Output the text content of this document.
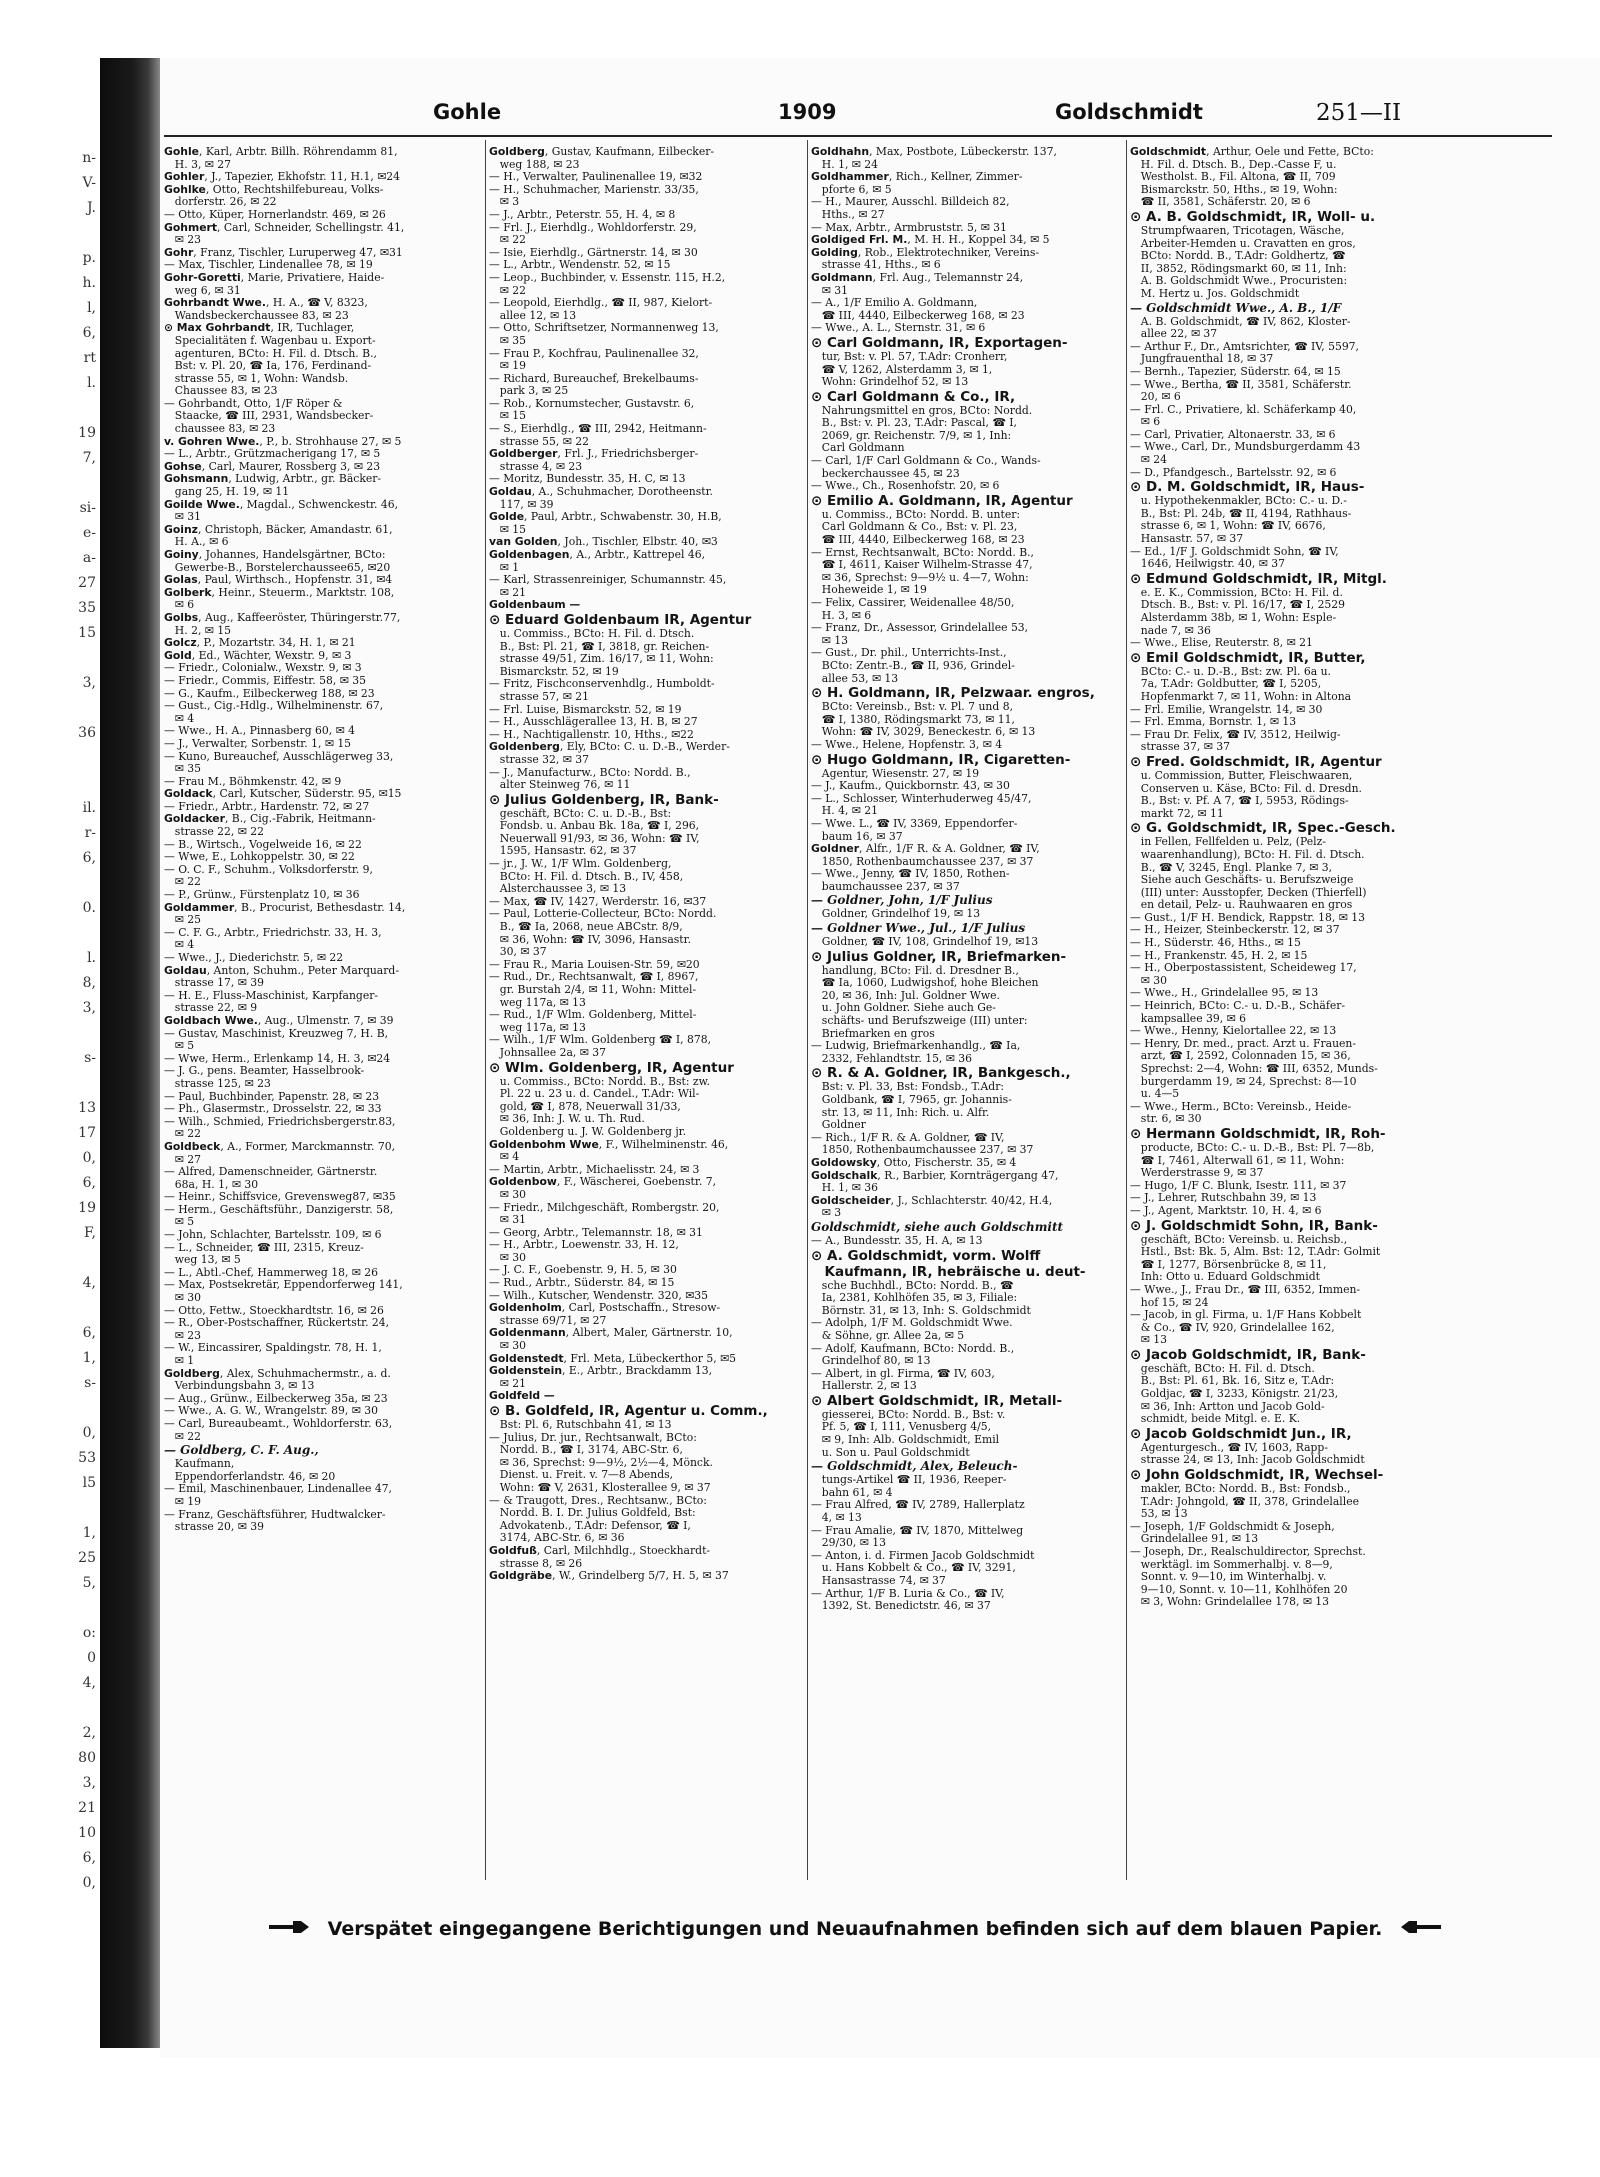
n-
V-
J.
p.
h.
l,
6,
rt
l.
19
7,
si-
e-
a-
27
35
15
3,
36
il.
r-
6,
0.
l.
8,
3,
s-
13
17
0,
6,
19
F,
4,
6,
1,
s-
0,
53
l5
1,
25
5,
o:
0
4,
2,
80
3,
21
10
6,
0,
Gohle	1909	Goldschmidt	251—II
Gohle, Karl, Arbtr. Billh. Röhrendamm 81,
 H. 3, ✉ 27
Gohler, J., Tapezier, Ekhofstr. 11, H.1, ✉24
Gohlke, Otto, Rechtshilfebureau, Volks-
 dorferstr. 26, ✉ 22
— Otto, Küper, Hornerlandstr. 469, ✉ 26
Gohmert, Carl, Schneider, Schellingstr. 41,
 ✉ 23
Gohr, Franz, Tischler, Luruperweg 47, ✉31
— Max, Tischler, Lindenallee 78, ✉ 19
Gohr-Goretti, Marie, Privatiere, Haide-
 weg 6, ✉ 31
Gohrbandt Wwe., H. A., ☎ V, 8323,
 Wandsbeckerchaussee 83, ✉ 23
⊙ Max Gohrbandt, IR, Tuchlager,
 Specialitäten f. Wagenbau u. Export-
 agenturen, BCto: H. Fil. d. Dtsch. B.,
 Bst: v. Pl. 20, ☎ Ia, 176, Ferdinand-
 strasse 55, ✉ 1, Wohn: Wandsb.
 Chaussee 83, ✉ 23
— Gohrbandt, Otto, 1/F Röper &
 Staacke, ☎ III, 2931, Wandsbecker-
 chaussee 83, ✉ 23
v. Gohren Wwe., P., b. Strohhause 27, ✉ 5
— L., Arbtr., Grützmacherigang 17, ✉ 5
Gohse, Carl, Maurer, Rossberg 3, ✉ 23
Gohsmann, Ludwig, Arbtr., gr. Bäcker-
 gang 25, H. 19, ✉ 11
Goilde Wwe., Magdal., Schwenckestr. 46,
 ✉ 31
Goinz, Christoph, Bäcker, Amandastr. 61,
 H. A., ✉ 6
Goiny, Johannes, Handelsgärtner, BCto:
 Gewerbe-B., Borstelerchaussee65, ✉20
Golas, Paul, Wirthsch., Hopfenstr. 31, ✉4
Golberk, Heinr., Steuerm., Marktstr. 108,
 ✉ 6
Golbs, Aug., Kaffeeröster, Thüringerstr.77,
 H. 2, ✉ 15
Golcz, P., Mozartstr. 34, H. 1, ✉ 21
Gold, Ed., Wächter, Wexstr. 9, ✉ 3
— Friedr., Colonialw., Wexstr. 9, ✉ 3
— Friedr., Commis, Eiffestr. 58, ✉ 35
— G., Kaufm., Eilbeckerweg 188, ✉ 23
— Gust., Cig.-Hdlg., Wilhelminenstr. 67,
 ✉ 4
— Wwe., H. A., Pinnasberg 60, ✉ 4
— J., Verwalter, Sorbenstr. 1, ✉ 15
— Kuno, Bureauchef, Ausschlägerweg 33,
 ✉ 35
— Frau M., Böhmkenstr. 42, ✉ 9
Goldack, Carl, Kutscher, Süderstr. 95, ✉15
— Friedr., Arbtr., Hardenstr. 72, ✉ 27
Goldacker, B., Cig.-Fabrik, Heitmann-
 strasse 22, ✉ 22
— B., Wirtsch., Vogelweide 16, ✉ 22
— Wwe, E., Lohkoppelstr. 30, ✉ 22
— O. C. F., Schuhm., Volksdorferstr. 9,
 ✉ 22
— P., Grünw., Fürstenplatz 10, ✉ 36
Goldammer, B., Procurist, Bethesdastr. 14,
 ✉ 25
— C. F. G., Arbtr., Friedrichstr. 33, H. 3,
 ✉ 4
— Wwe., J., Diederichstr. 5, ✉ 22
Goldau, Anton, Schuhm., Peter Marquard-
 strasse 17, ✉ 39
— H. E., Fluss-Maschinist, Karpfanger-
 strasse 22, ✉ 9
Goldbach Wwe., Aug., Ulmenstr. 7, ✉ 39
— Gustav, Maschinist, Kreuzweg 7, H. B,
 ✉ 5
— Wwe, Herm., Erlenkamp 14, H. 3, ✉24
— J. G., pens. Beamter, Hasselbrook-
 strasse 125, ✉ 23
— Paul, Buchbinder, Papenstr. 28, ✉ 23
— Ph., Glasermstr., Drosselstr. 22, ✉ 33
— Wilh., Schmied, Friedrichsbergerstr.83,
 ✉ 22
Goldbeck, A., Former, Marckmannstr. 70,
 ✉ 27
— Alfred, Damenschneider, Gärtnerstr.
 68a, H. 1, ✉ 30
— Heinr., Schiffsvice, Grevensweg87, ✉35
— Herm., Geschäftsführ., Danzigerstr. 58,
 ✉ 5
— John, Schlachter, Bartelsstr. 109, ✉ 6
— L., Schneider, ☎ III, 2315, Kreuz-
 weg 13, ✉ 5
— L., Abtl.-Chef, Hammerweg 18, ✉ 26
— Max, Postsekretär, Eppendorferweg 141,
 ✉ 30
— Otto, Fettw., Stoeckhardtstr. 16, ✉ 26
— R., Ober-Postschaffner, Rückertstr. 24,
 ✉ 23
— W., Eincassirer, Spaldingstr. 78, H. 1,
 ✉ 1
Goldberg, Alex, Schuhmachermstr., a. d.
 Verbindungsbahn 3, ✉ 13
— Aug., Grünw., Eilbeckerweg 35a, ✉ 23
— Wwe., A. G. W., Wrangelstr. 89, ✉ 30
— Carl, Bureaubeamt., Wohldorferstr. 63,
 ✉ 22
— Goldberg, C. F. Aug.,
 Kaufmann,
 Eppendorferlandstr. 46, ✉ 20
— Emil, Maschinenbauer, Lindenallee 47,
 ✉ 19
— Franz, Geschäftsführer, Hudtwalcker-
 strasse 20, ✉ 39
Goldberg, Gustav, Kaufmann, Eilbecker-
 weg 188, ✉ 23
— H., Verwalter, Paulinenallee 19, ✉32
— H., Schuhmacher, Marienstr. 33/35,
 ✉ 3
— J., Arbtr., Peterstr. 55, H. 4, ✉ 8
— Frl. J., Eierhdlg., Wohldorferstr. 29,
 ✉ 22
— Isie, Eierhdlg., Gärtnerstr. 14, ✉ 30
— L., Arbtr., Wendenstr. 52, ✉ 15
— Leop., Buchbinder, v. Essenstr. 115, H.2,
 ✉ 22
— Leopold, Eierhdlg., ☎ II, 987, Kielort-
 allee 12, ✉ 13
— Otto, Schriftsetzer, Normannenweg 13,
 ✉ 35
— Frau P., Kochfrau, Paulinenallee 32,
 ✉ 19
— Richard, Bureauchef, Brekelbaums-
 park 3, ✉ 25
— Rob., Kornumstecher, Gustavstr. 6,
 ✉ 15
— S., Eierhdlg., ☎ III, 2942, Heitmann-
 strasse 55, ✉ 22
Goldberger, Frl. J., Friedrichsberger-
 strasse 4, ✉ 23
— Moritz, Bundesstr. 35, H. C, ✉ 13
Goldau, A., Schuhmacher, Dorotheenstr.
 117, ✉ 39
Golde, Paul, Arbtr., Schwabenstr. 30, H.B,
 ✉ 15
van Golden, Joh., Tischler, Elbstr. 40, ✉3
Goldenbagen, A., Arbtr., Kattrepel 46,
 ✉ 1
— Karl, Strassenreiniger, Schumannstr. 45,
 ✉ 21
Goldenbaum —
⊙ Eduard Goldenbaum IR, Agentur
 u. Commiss., BCto: H. Fil. d. Dtsch.
 B., Bst: Pl. 21, ☎ I, 3818, gr. Reichen-
 strasse 49/51, Zim. 16/17, ✉ 11, Wohn:
 Bismarckstr. 52, ✉ 19
— Fritz, Fischconservenhdlg., Humboldt-
 strasse 57, ✉ 21
— Frl. Luise, Bismarckstr. 52, ✉ 19
— H., Ausschlägerallee 13, H. B, ✉ 27
— H., Nachtigallenstr. 10, Hths., ✉22
Goldenberg, Ely, BCto: C. u. D.-B., Werder-
 strasse 32, ✉ 37
— J., Manufacturw., BCto: Nordd. B.,
 alter Steinweg 76, ✉ 11
⊙ Julius Goldenberg, IR, Bank-
 geschäft, BCto: C. u. D.-B., Bst:
 Fondsb. u. Anbau Bk. 18a, ☎ I, 296,
 Neuerwall 91/93, ✉ 36, Wohn: ☎ IV,
 1595, Hansastr. 62, ✉ 37
— jr., J. W., 1/F Wlm. Goldenberg,
 BCto: H. Fil. d. Dtsch. B., IV, 458,
 Alsterchaussee 3, ✉ 13
— Max, ☎ IV, 1427, Werderstr. 16, ✉37
— Paul, Lotterie-Collecteur, BCto: Nordd.
 B., ☎ Ia, 2068, neue ABCstr. 8/9,
 ✉ 36, Wohn: ☎ IV, 3096, Hansastr.
 30, ✉ 37
— Frau R., Maria Louisen-Str. 59, ✉20
— Rud., Dr., Rechtsanwalt, ☎ I, 8967,
 gr. Burstah 2/4, ✉ 11, Wohn: Mittel-
 weg 117a, ✉ 13
— Rud., 1/F Wlm. Goldenberg, Mittel-
 weg 117a, ✉ 13
— Wilh., 1/F Wlm. Goldenberg ☎ I, 878,
 Johnsallee 2a, ✉ 37
⊙ Wlm. Goldenberg, IR, Agentur
 u. Commiss., BCto: Nordd. B., Bst: zw.
 Pl. 22 u. 23 u. d. Candel., T.Adr: Wil-
 gold, ☎ I, 878, Neuerwall 31/33,
 ✉ 36, Inh: J. W. u. Th. Rud.
 Goldenberg u. J. W. Goldenberg jr.
Goldenbohm Wwe, F., Wilhelminenstr. 46,
 ✉ 4
— Martin, Arbtr., Michaelisstr. 24, ✉ 3
Goldenbow, F., Wäscherei, Goebenstr. 7,
 ✉ 30
— Friedr., Milchgeschäft, Rombergstr. 20,
 ✉ 31
— Georg, Arbtr., Telemannstr. 18, ✉ 31
— H., Arbtr., Loewenstr. 33, H. 12,
 ✉ 30
— J. C. F., Goebenstr. 9, H. 5, ✉ 30
— Rud., Arbtr., Süderstr. 84, ✉ 15
— Wilh., Kutscher, Wendenstr. 320, ✉35
Goldenholm, Carl, Postschaffn., Stresow-
 strasse 69/71, ✉ 27
Goldenmann, Albert, Maler, Gärtnerstr. 10,
 ✉ 30
Goldenstedt, Frl. Meta, Lübeckerthor 5, ✉5
Goldenstein, E., Arbtr., Brackdamm 13,
 ✉ 21
Goldfeld —
⊙ B. Goldfeld, IR, Agentur u. Comm.,
 Bst: Pl. 6, Rutschbahn 41, ✉ 13
— Julius, Dr. jur., Rechtsanwalt, BCto:
 Nordd. B., ☎ I, 3174, ABC-Str. 6,
 ✉ 36, Sprechst: 9—9½, 2½—4, Mönck.
 Dienst. u. Freit. v. 7—8 Abends,
 Wohn: ☎ V, 2631, Klosterallee 9, ✉ 37
— & Traugott, Dres., Rechtsanw., BCto:
 Nordd. B. I. Dr. Julius Goldfeld, Bst:
 Advokatenb., T.Adr: Defensor, ☎ I,
 3174, ABC-Str. 6, ✉ 36
Goldfuß, Carl, Milchhdlg., Stoeckhardt-
 strasse 8, ✉ 26
Goldgräbe, W., Grindelberg 5/7, H. 5, ✉ 37
Goldhahn, Max, Postbote, Lübeckerstr. 137,
 H. 1, ✉ 24
Goldhammer, Rich., Kellner, Zimmer-
 pforte 6, ✉ 5
— H., Maurer, Ausschl. Billdeich 82,
 Hths., ✉ 27
— Max, Arbtr., Armbruststr. 5, ✉ 31
Goldiged Frl. M., M. H. H., Koppel 34, ✉ 5
Golding, Rob., Elektrotechniker, Vereins-
 strasse 41, Hths., ✉ 6
Goldmann, Frl. Aug., Telemannstr 24,
 ✉ 31
— A., 1/F Emilio A. Goldmann,
 ☎ III, 4440, Eilbeckerweg 168, ✉ 23
— Wwe., A. L., Sternstr. 31, ✉ 6
⊙ Carl Goldmann, IR, Exportagen-
 tur, Bst: v. Pl. 57, T.Adr: Cronherr,
 ☎ V, 1262, Alsterdamm 3, ✉ 1,
 Wohn: Grindelhof 52, ✉ 13
⊙ Carl Goldmann & Co., IR,
 Nahrungsmittel en gros, BCto: Nordd.
 B., Bst: v. Pl. 23, T.Adr: Pascal, ☎ I,
 2069, gr. Reichenstr. 7/9, ✉ 1, Inh:
 Carl Goldmann
— Carl, 1/F Carl Goldmann & Co., Wands-
 beckerchaussee 45, ✉ 23
— Wwe., Ch., Rosenhofstr. 20, ✉ 6
⊙ Emilio A. Goldmann, IR, Agentur
 u. Commiss., BCto: Nordd. B. unter:
 Carl Goldmann & Co., Bst: v. Pl. 23,
 ☎ III, 4440, Eilbeckerweg 168, ✉ 23
— Ernst, Rechtsanwalt, BCto: Nordd. B.,
 ☎ I, 4611, Kaiser Wilhelm-Strasse 47,
 ✉ 36, Sprechst: 9—9½ u. 4—7, Wohn:
 Hoheweide 1, ✉ 19
— Felix, Cassirer, Weidenallee 48/50,
 H. 3, ✉ 6
— Franz, Dr., Assessor, Grindelallee 53,
 ✉ 13
— Gust., Dr. phil., Unterrichts-Inst.,
 BCto: Zentr.-B., ☎ II, 936, Grindel-
 allee 53, ✉ 13
⊙ H. Goldmann, IR, Pelzwaar. engros,
 BCto: Vereinsb., Bst: v. Pl. 7 und 8,
 ☎ I, 1380, Rödingsmarkt 73, ✉ 11,
 Wohn: ☎ IV, 3029, Beneckestr. 6, ✉ 13
— Wwe., Helene, Hopfenstr. 3, ✉ 4
⊙ Hugo Goldmann, IR, Cigaretten-
 Agentur, Wiesenstr. 27, ✉ 19
— J., Kaufm., Quickbornstr. 43, ✉ 30
— L., Schlosser, Winterhuderweg 45/47,
 H. 4, ✉ 21
— Wwe. L., ☎ IV, 3369, Eppendorfer-
 baum 16, ✉ 37
Goldner, Alfr., 1/F R. & A. Goldner, ☎ IV,
 1850, Rothenbaumchaussee 237, ✉ 37
— Wwe., Jenny, ☎ IV, 1850, Rothen-
 baumchaussee 237, ✉ 37
— Goldner, John, 1/F Julius
 Goldner, Grindelhof 19, ✉ 13
— Goldner Wwe., Jul., 1/F Julius
 Goldner, ☎ IV, 108, Grindelhof 19, ✉13
⊙ Julius Goldner, IR, Briefmarken-
 handlung, BCto: Fil. d. Dresdner B.,
 ☎ Ia, 1060, Ludwigshof, hohe Bleichen
 20, ✉ 36, Inh: Jul. Goldner Wwe.
 u. John Goldner. Siehe auch Ge-
 schäfts- und Berufszweige (III) unter:
 Briefmarken en gros
— Ludwig, Briefmarkenhandlg., ☎ Ia,
 2332, Fehlandtstr. 15, ✉ 36
⊙ R. & A. Goldner, IR, Bankgesch.,
 Bst: v. Pl. 33, Bst: Fondsb., T.Adr:
 Goldbank, ☎ I, 7965, gr. Johannis-
 str. 13, ✉ 11, Inh: Rich. u. Alfr.
 Goldner
— Rich., 1/F R. & A. Goldner, ☎ IV,
 1850, Rothenbaumchaussee 237, ✉ 37
Goldowsky, Otto, Fischerstr. 35, ✉ 4
Goldschalk, R., Barbier, Kornträgergang 47,
 H. 1, ✉ 36
Goldscheider, J., Schlachterstr. 40/42, H.4,
 ✉ 3
Goldschmidt, siehe auch Goldschmitt
— A., Bundesstr. 35, H. A, ✉ 13
⊙ A. Goldschmidt, vorm. Wolff
 Kaufmann, IR, hebräische u. deut-
 sche Buchhdl., BCto: Nordd. B., ☎
 Ia, 2381, Kohlhöfen 35, ✉ 3, Filiale:
 Börnstr. 31, ✉ 13, Inh: S. Goldschmidt
— Adolph, 1/F M. Goldschmidt Wwe.
 & Söhne, gr. Allee 2a, ✉ 5
— Adolf, Kaufmann, BCto: Nordd. B.,
 Grindelhof 80, ✉ 13
— Albert, in gl. Firma, ☎ IV, 603,
 Hallerstr. 2, ✉ 13
⊙ Albert Goldschmidt, IR, Metall-
 giesserei, BCto: Nordd. B., Bst: v.
 Pf. 5, ☎ I, 111, Venusberg 4/5,
 ✉ 9, Inh: Alb. Goldschmidt, Emil
 u. Son u. Paul Goldschmidt
— Goldschmidt, Alex, Beleuch-
 tungs-Artikel ☎ II, 1936, Reeper-
 bahn 61, ✉ 4
— Frau Alfred, ☎ IV, 2789, Hallerplatz
 4, ✉ 13
— Frau Amalie, ☎ IV, 1870, Mittelweg
 29/30, ✉ 13
— Anton, i. d. Firmen Jacob Goldschmidt
 u. Hans Kobbelt & Co., ☎ IV, 3291,
 Hansastrasse 74, ✉ 37
— Arthur, 1/F B. Luria & Co., ☎ IV,
 1392, St. Benedictstr. 46, ✉ 37
Goldschmidt, Arthur, Oele und Fette, BCto:
 H. Fil. d. Dtsch. B., Dep.-Casse F, u.
 Westholst. B., Fil. Altona, ☎ II, 709
 Bismarckstr. 50, Hths., ✉ 19, Wohn:
 ☎ II, 3581, Schäferstr. 20, ✉ 6
⊙ A. B. Goldschmidt, IR, Woll- u.
 Strumpfwaaren, Tricotagen, Wäsche,
 Arbeiter-Hemden u. Cravatten en gros,
 BCto: Nordd. B., T.Adr: Goldhertz, ☎
 II, 3852, Rödingsmarkt 60, ✉ 11, Inh:
 A. B. Goldschmidt Wwe., Procuristen:
 M. Hertz u. Jos. Goldschmidt
— Goldschmidt Wwe., A. B., 1/F
 A. B. Goldschmidt, ☎ IV, 862, Kloster-
 allee 22, ✉ 37
— Arthur F., Dr., Amtsrichter, ☎ IV, 5597,
 Jungfrauenthal 18, ✉ 37
— Bernh., Tapezier, Süderstr. 64, ✉ 15
— Wwe., Bertha, ☎ II, 3581, Schäferstr.
 20, ✉ 6
— Frl. C., Privatiere, kl. Schäferkamp 40,
 ✉ 6
— Carl, Privatier, Altonaerstr. 33, ✉ 6
— Wwe., Carl, Dr., Mundsburgerdamm 43
 ✉ 24
— D., Pfandgesch., Bartelsstr. 92, ✉ 6
⊙ D. M. Goldschmidt, IR, Haus-
 u. Hypothekenmakler, BCto: C.- u. D.-
 B., Bst: Pl. 24b, ☎ II, 4194, Rathhaus-
 strasse 6, ✉ 1, Wohn: ☎ IV, 6676,
 Hansastr. 57, ✉ 37
— Ed., 1/F J. Goldschmidt Sohn, ☎ IV,
 1646, Heilwigstr. 40, ✉ 37
⊙ Edmund Goldschmidt, IR, Mitgl.
 e. E. K., Commission, BCto: H. Fil. d.
 Dtsch. B., Bst: v. Pl. 16/17, ☎ I, 2529
 Alsterdamm 38b, ✉ 1, Wohn: Esple-
 nade 7, ✉ 36
— Wwe., Elise, Reuterstr. 8, ✉ 21
⊙ Emil Goldschmidt, IR, Butter,
 BCto: C.- u. D.-B., Bst: zw. Pl. 6a u.
 7a, T.Adr: Goldbutter, ☎ I, 5205,
 Hopfenmarkt 7, ✉ 11, Wohn: in Altona
— Frl. Emilie, Wrangelstr. 14, ✉ 30
— Frl. Emma, Bornstr. 1, ✉ 13
— Frau Dr. Felix, ☎ IV, 3512, Heilwig-
 strasse 37, ✉ 37
⊙ Fred. Goldschmidt, IR, Agentur
 u. Commission, Butter, Fleischwaaren,
 Conserven u. Käse, BCto: Fil. d. Dresdn.
 B., Bst: v. Pf. A 7, ☎ I, 5953, Rödings-
 markt 72, ✉ 11
⊙ G. Goldschmidt, IR, Spec.-Gesch.
 in Fellen, Fellfelden u. Pelz, (Pelz-
 waarenhandlung), BCto: H. Fil. d. Dtsch.
 B., ☎ V, 3245, Engl. Planke 7, ✉ 3,
 Siehe auch Geschäfts- u. Berufszweige
 (III) unter: Ausstopfer, Decken (Thierfell)
 en detail, Pelz- u. Rauhwaaren en gros
— Gust., 1/F H. Bendick, Rappstr. 18, ✉ 13
— H., Heizer, Steinbeckerstr. 12, ✉ 37
— H., Süderstr. 46, Hths., ✉ 15
— H., Frankenstr. 45, H. 2, ✉ 15
— H., Oberpostassistent, Scheideweg 17,
 ✉ 30
— Wwe., H., Grindelallee 95, ✉ 13
— Heinrich, BCto: C.- u. D.-B., Schäfer-
 kampsallee 39, ✉ 6
— Wwe., Henny, Kielortallee 22, ✉ 13
— Henry, Dr. med., pract. Arzt u. Frauen-
 arzt, ☎ I, 2592, Colonnaden 15, ✉ 36,
 Sprechst: 2—4, Wohn: ☎ III, 6352, Munds-
 burgerdamm 19, ✉ 24, Sprechst: 8—10
 u. 4—5
— Wwe., Herm., BCto: Vereinsb., Heide-
 str. 6, ✉ 30
⊙ Hermann Goldschmidt, IR, Roh-
 producte, BCto: C.- u. D.-B., Bst: Pl. 7—8b,
 ☎ I, 7461, Alterwall 61, ✉ 11, Wohn:
 Werderstrasse 9, ✉ 37
— Hugo, 1/F C. Blunk, Isestr. 111, ✉ 37
— J., Lehrer, Rutschbahn 39, ✉ 13
— J., Agent, Marktstr. 10, H. 4, ✉ 6
⊙ J. Goldschmidt Sohn, IR, Bank-
 geschäft, BCto: Vereinsb. u. Reichsb.,
 Hstl., Bst: Bk. 5, Alm. Bst: 12, T.Adr: Golmit
 ☎ I, 1277, Börsenbrücke 8, ✉ 11,
 Inh: Otto u. Eduard Goldschmidt
— Wwe., J., Frau Dr., ☎ III, 6352, Immen-
 hof 15, ✉ 24
— Jacob, in gl. Firma, u. 1/F Hans Kobbelt
 & Co., ☎ IV, 920, Grindelallee 162,
 ✉ 13
⊙ Jacob Goldschmidt, IR, Bank-
 geschäft, BCto: H. Fil. d. Dtsch.
 B., Bst: Pl. 61, Bk. 16, Sitz e, T.Adr:
 Goldjac, ☎ I, 3233, Königstr. 21/23,
 ✉ 36, Inh: Artton und Jacob Gold-
 schmidt, beide Mitgl. e. E. K.
⊙ Jacob Goldschmidt Jun., IR,
 Agenturgesch., ☎ IV, 1603, Rapp-
 strasse 24, ✉ 13, Inh: Jacob Goldschmidt
⊙ John Goldschmidt, IR, Wechsel-
 makler, BCto: Nordd. B., Bst: Fondsb.,
 T.Adr: Johngold, ☎ II, 378, Grindelallee
 53, ✉ 13
— Joseph, 1/F Goldschmidt & Joseph,
 Grindelallee 91, ✉ 13
— Joseph, Dr., Realschuldirector, Sprechst.
 werktägl. im Sommerhalbj. v. 8—9,
 Sonnt. v. 9—10, im Winterhalbj. v.
 9—10, Sonnt. v. 10—11, Kohlhöfen 20
 ✉ 3, Wohn: Grindelallee 178, ✉ 13
Verspätet eingegangene Berichtigungen und Neuaufnahmen befinden sich auf dem blauen Papier.
